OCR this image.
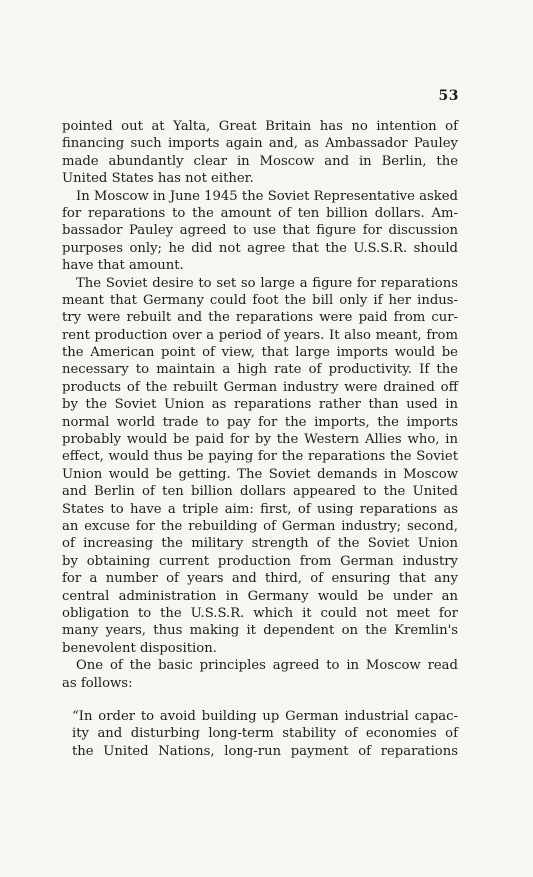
53
pointed out at Yalta, Great Britain has no intention of
financing such imports again and, as Ambassador Pauley
made abundantly clear in Moscow and in Berlin, the
United States has not either.
In Moscow in June 1945 the Soviet Representative asked
for reparations to the amount of ten billion dollars. Am-
bassador Pauley agreed to use that figure for discussion
purposes only; he did not agree that the U.S.S.R. should
have that amount.
The Soviet desire to set so large a figure for reparations
meant that Germany could foot the bill only if her indus-
try were rebuilt and the reparations were paid from cur-
rent production over a period of years. It also meant, from
the American point of view, that large imports would be
necessary to maintain a high rate of productivity. If the
products of the rebuilt German industry were drained off
by the Soviet Union as reparations rather than used in
normal world trade to pay for the imports, the imports
probably would be paid for by the Western Allies who, in
effect, would thus be paying for the reparations the Soviet
Union would be getting. The Soviet demands in Moscow
and Berlin of ten billion dollars appeared to the United
States to have a triple aim: first, of using reparations as
an excuse for the rebuilding of German industry; second,
of increasing the military strength of the Soviet Union
by obtaining current production from German industry
for a number of years and third, of ensuring that any
central administration in Germany would be under an
obligation to the U.S.S.R. which it could not meet for
many years, thus making it dependent on the Kremlin's
benevolent disposition.
One of the basic principles agreed to in Moscow read
as follows:
“In order to avoid building up German industrial capac-
ity and disturbing long-term stability of economies of
the United Nations, long-run payment of reparations
